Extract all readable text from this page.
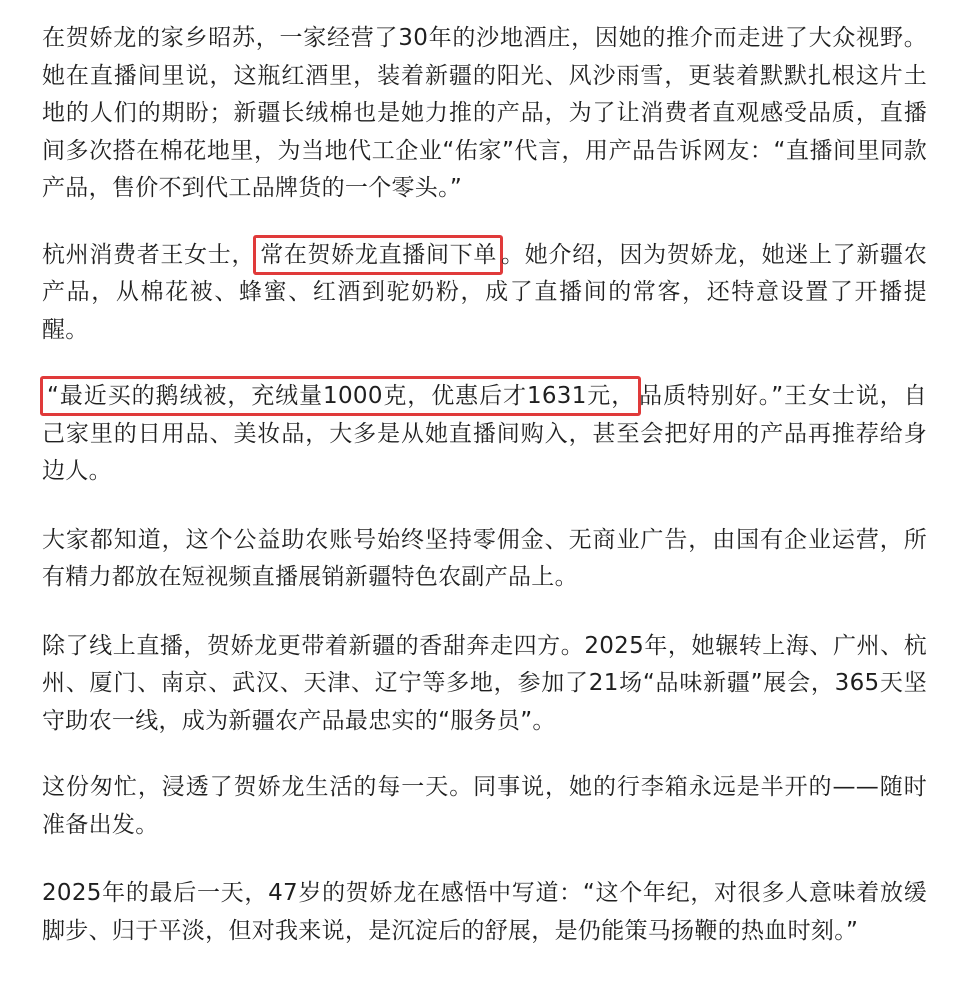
在贺娇龙的家乡昭苏，一家经营了30年的沙地酒庄，因她的推介而走进了大众视野。她在直播间里说，这瓶红酒里，装着新疆的阳光、风沙雨雪，更装着默默扎根这片土地的人们的期盼；新疆长绒棉也是她力推的产品，为了让消费者直观感受品质，直播间多次搭在棉花地里，为当地代工企业“佑家”代言，用产品告诉网友：“直播间里同款产品，售价不到代工品牌货的一个零头。”

杭州消费者王女士， 常在贺娇龙直播间下单 。她介绍，因为贺娇龙，她迷上了新疆农产品，从棉花被、蜂蜜、红酒到驼奶粉，成了直播间的常客，还特意设置了开播提醒。

“最近买的鹅绒被，充绒量1000克，优惠后才1631元， 品质特别好。”王女士说，自己家里的日用品、美妆品，大多是从她直播间购入，甚至会把好用的产品再推荐给身边人。

大家都知道，这个公益助农账号始终坚持零佣金、无商业广告，由国有企业运营，所有精力都放在短视频直播展销新疆特色农副产品上。

除了线上直播，贺娇龙更带着新疆的香甜奔走四方。2025年，她辗转上海、广州、杭州、厦门、南京、武汉、天津、辽宁等多地，参加了21场“品味新疆”展会，365天坚守助农一线，成为新疆农产品最忠实的“服务员”。

这份匆忙，浸透了贺娇龙生活的每一天。同事说，她的行李箱永远是半开的——随时准备出发。

2025年的最后一天，47岁的贺娇龙在感悟中写道：“这个年纪，对很多人意味着放缓脚步、归于平淡，但对我来说，是沉淀后的舒展，是仍能策马扬鞭的热血时刻。”
